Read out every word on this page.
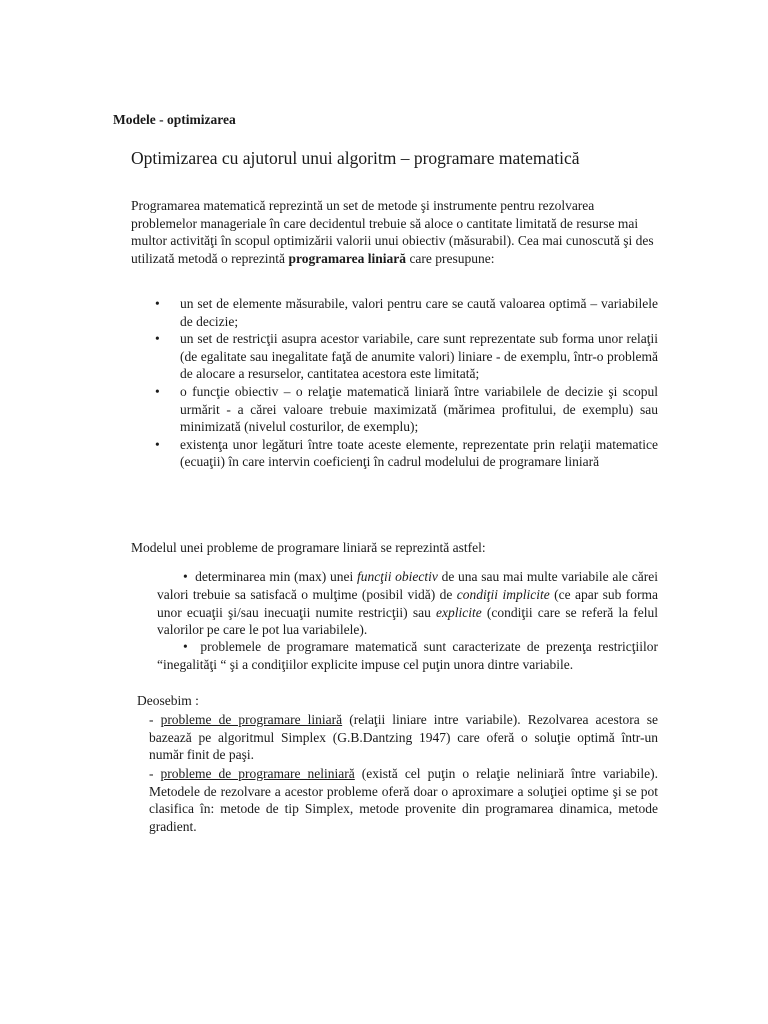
Modele - optimizarea

Optimizarea cu ajutorul unui algoritm – programare matematică

Programarea matematică reprezintă un set de metode şi instrumente pentru rezolvarea problemelor manageriale în care decidentul trebuie să aloce o cantitate limitată de resurse mai multor activităţi în scopul optimizării valorii unui obiectiv (măsurabil). Cea mai cunoscută şi des utilizată metodă o reprezintă programarea liniară care presupune:

• un set de elemente măsurabile, valori pentru care se caută valoarea optimă – variabilele de decizie;
• un set de restricţii asupra acestor variabile, care sunt reprezentate sub forma unor relaţii (de egalitate sau inegalitate faţă de anumite valori) liniare - de exemplu, într-o problemă de alocare a resurselor, cantitatea acestora este limitată;
• o funcţie obiectiv – o relaţie matematică liniară între variabilele de decizie şi scopul urmărit - a cărei valoare trebuie maximizată (mărimea profitului, de exemplu) sau minimizată (nivelul costurilor, de exemplu);
• existenţa unor legături între toate aceste elemente, reprezentate prin relaţii matematice (ecuaţii) în care intervin coeficienţi în cadrul modelului de programare liniară

Modelul unei probleme de programare liniară se reprezintă astfel:

• determinarea min (max) unei funcţii obiectiv de una sau mai multe variabile ale cărei valori trebuie sa satisfacă o mulţime (posibil vidă) de condiţii implicite (ce apar sub forma unor ecuaţii şi/sau inecuaţii numite restricţii) sau explicite (condiţii care se referă la felul valorilor pe care le pot lua variabilele).

• problemele de programare matematică sunt caracterizate de prezenţa restricţiilor “inegalităţi “ şi a condiţiilor explicite impuse cel puţin unora dintre variabile.

Deosebim :

- probleme de programare liniară (relaţii liniare intre variabile). Rezolvarea acestora se bazează pe algoritmul Simplex (G.B.Dantzing 1947) care oferă o soluţie optimă într-un număr finit de paşi.

- probleme de programare neliniară (există cel puţin o relaţie neliniară între variabile). Metodele de rezolvare a acestor probleme oferă doar o aproximare a soluţiei optime şi se pot clasifica în: metode de tip Simplex, metode provenite din programarea dinamica, metode gradient.
